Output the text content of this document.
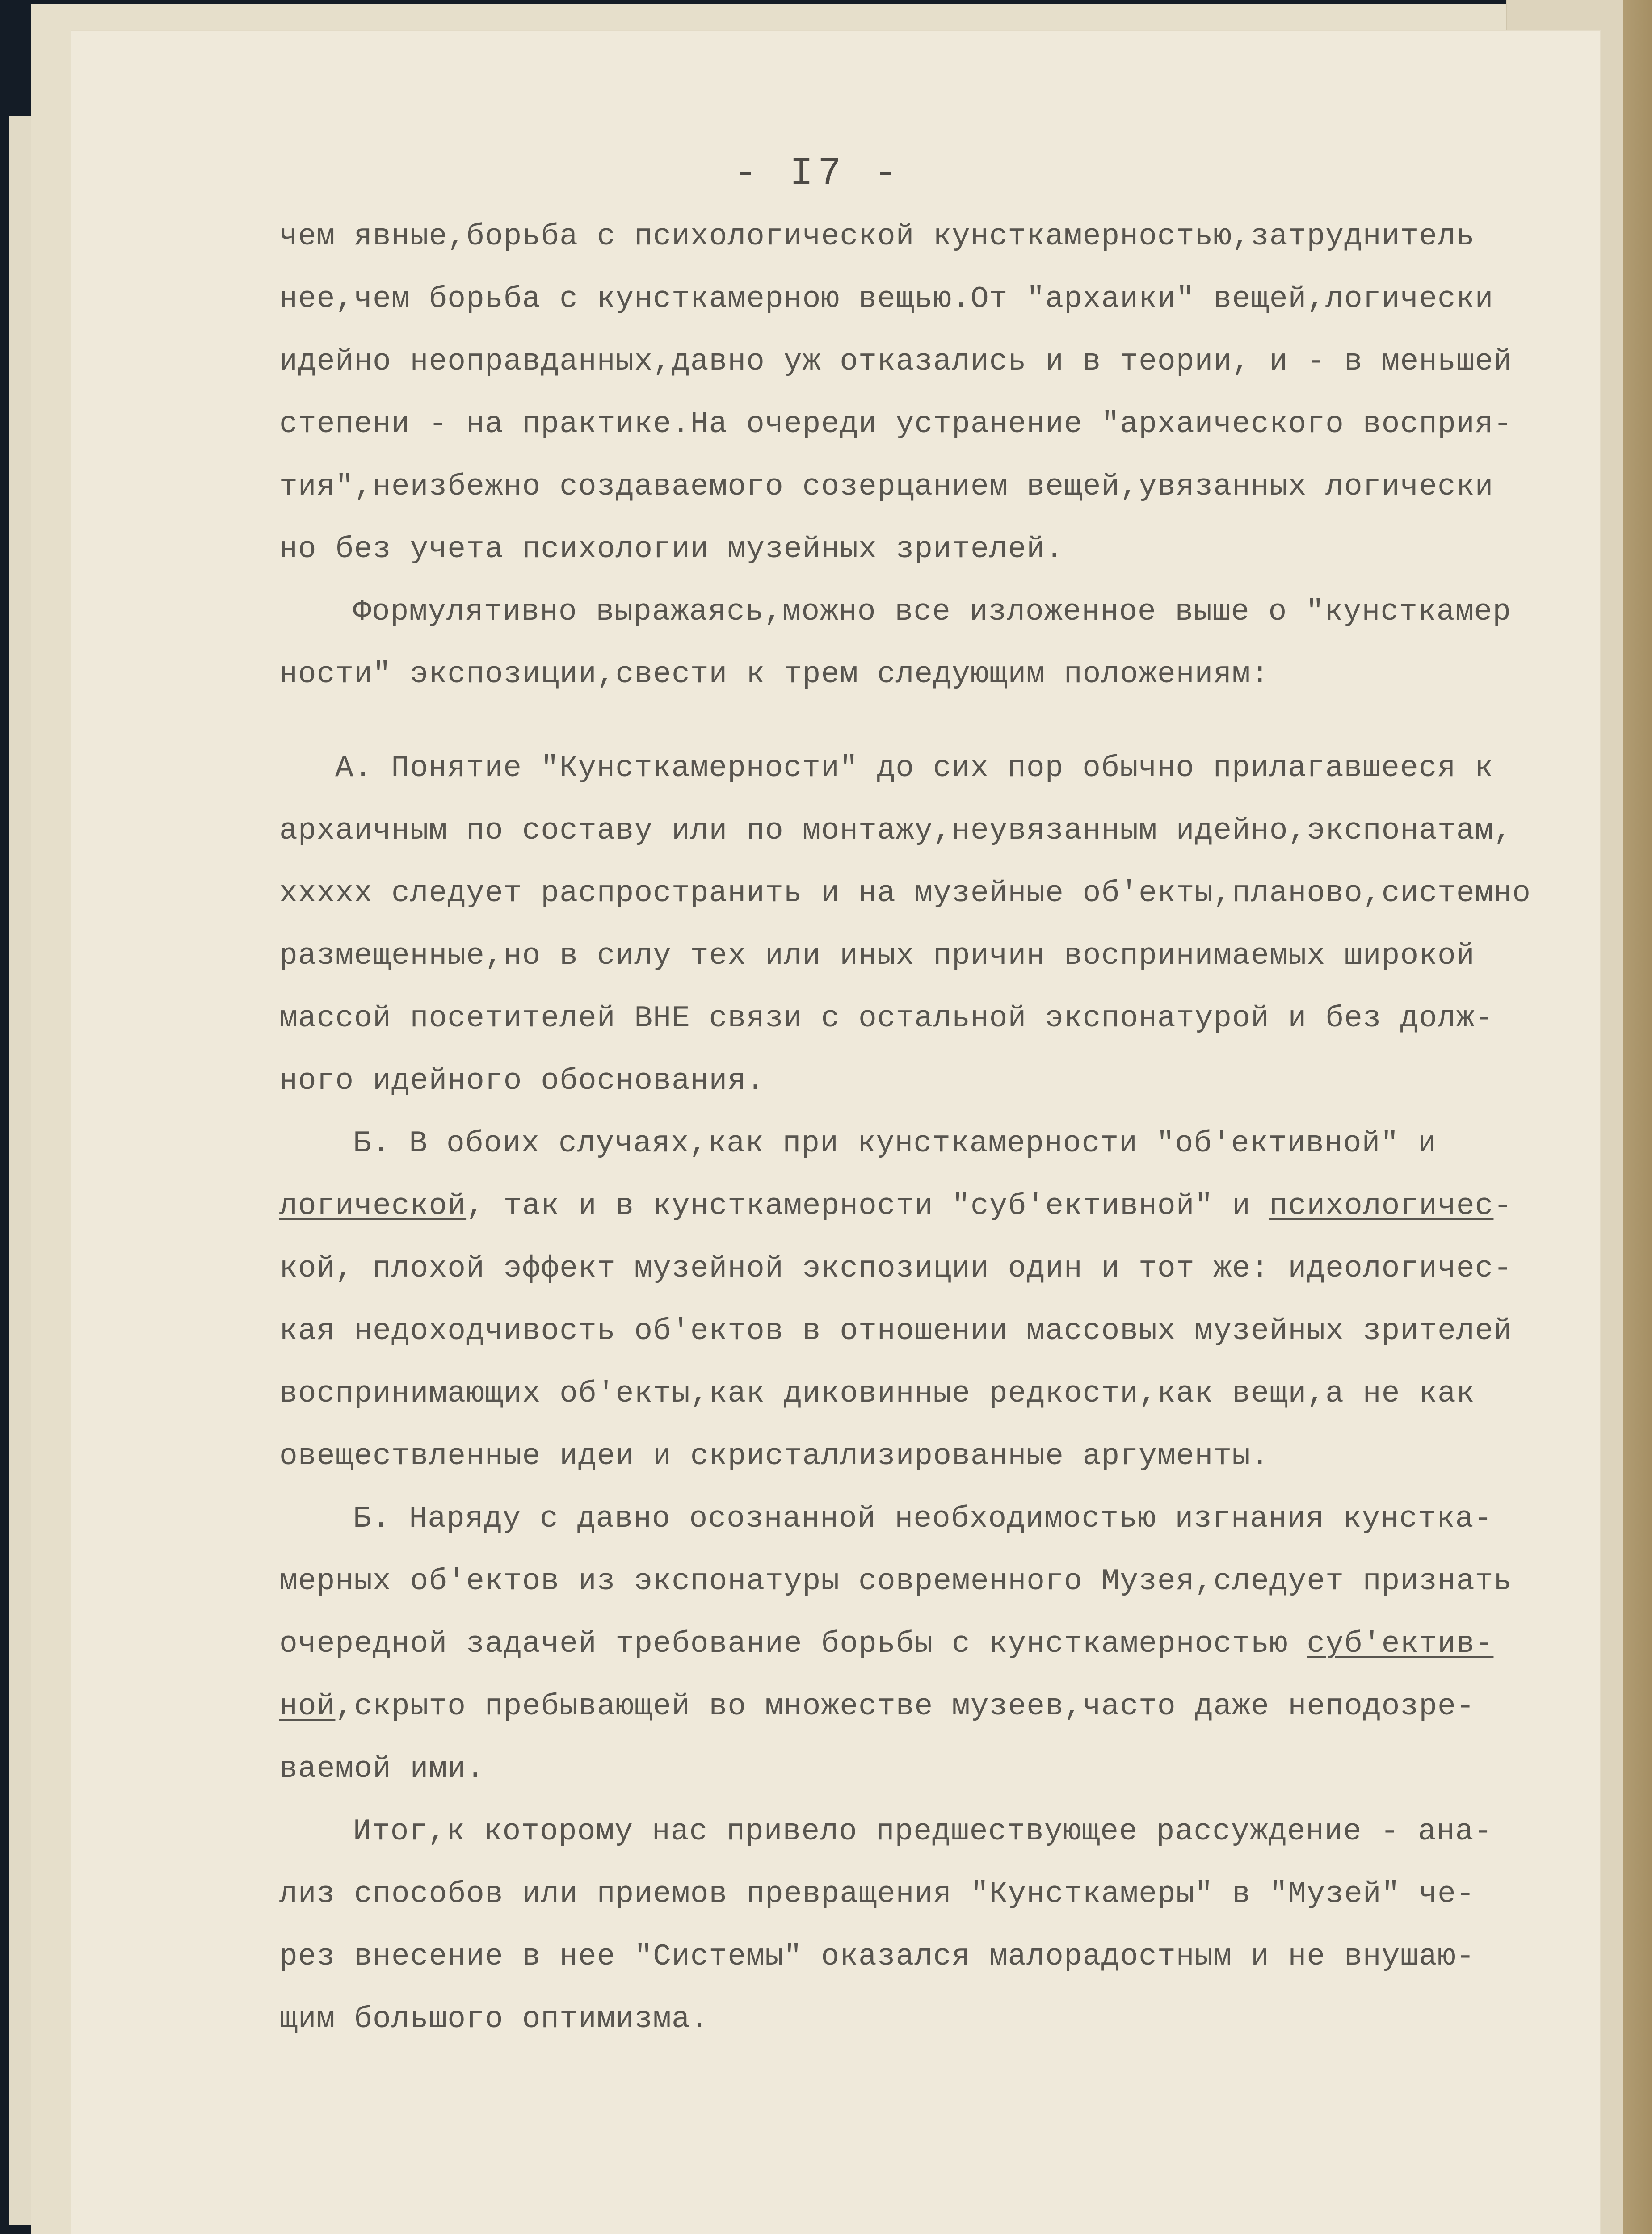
- I7 -
чем явные,борьба с психологической кунсткамерностью,затруднитель
нее,чем борьба с кунсткамерною вещью.От "архаики" вещей,логически
идейно неоправданных,давно уж отказались и в теории, и - в меньшей
степени - на практике.На очереди устранение "архаического восприя-
тия",неизбежно создаваемого созерцанием вещей,увязанных логически
но без учета психологии музейных зрителей.
Формулятивно выражаясь,можно все изложенное выше о "кунсткамер
ности" экспозиции,свести к трем следующим положениям:
А. Понятие "Кунсткамерности" до сих пор обычно прилагавшееся к
архаичным по составу или по монтажу,неувязанным идейно,экспонатам,
ххххх следует распространить и на музейные об'екты,планово,системно
размещенные,но в силу тех или иных причин воспринимаемых широкой
массой посетителей ВНЕ связи с остальной экспонатурой и без долж-
ного идейного обоснования.
Б. В обоих случаях,как при кунсткамерности "об'ективной" и
логической, так и в кунсткамерности "суб'ективной" и психологичес-
кой, плохой эффект музейной экспозиции один и тот же: идеологичес-
кая недоходчивость об'ектов в отношении массовых музейных зрителей
воспринимающих об'екты,как диковинные редкости,как вещи,а не как
овеществленные идеи и скристаллизированные аргументы.
Б. Наряду с давно осознанной необходимостью изгнания кунстка-
мерных об'ектов из экспонатуры современного Музея,следует признать
очередной задачей требование борьбы с кунсткамерностью суб'ектив-
ной,скрыто пребывающей во множестве музеев,часто даже неподозре-
ваемой ими.
Итог,к которому нас привело предшествующее рассуждение - ана-
лиз способов или приемов превращения "Кунсткамеры" в "Музей" че-
рез внесение в нее "Системы" оказался малорадостным и не внушаю-
щим большого оптимизма.
